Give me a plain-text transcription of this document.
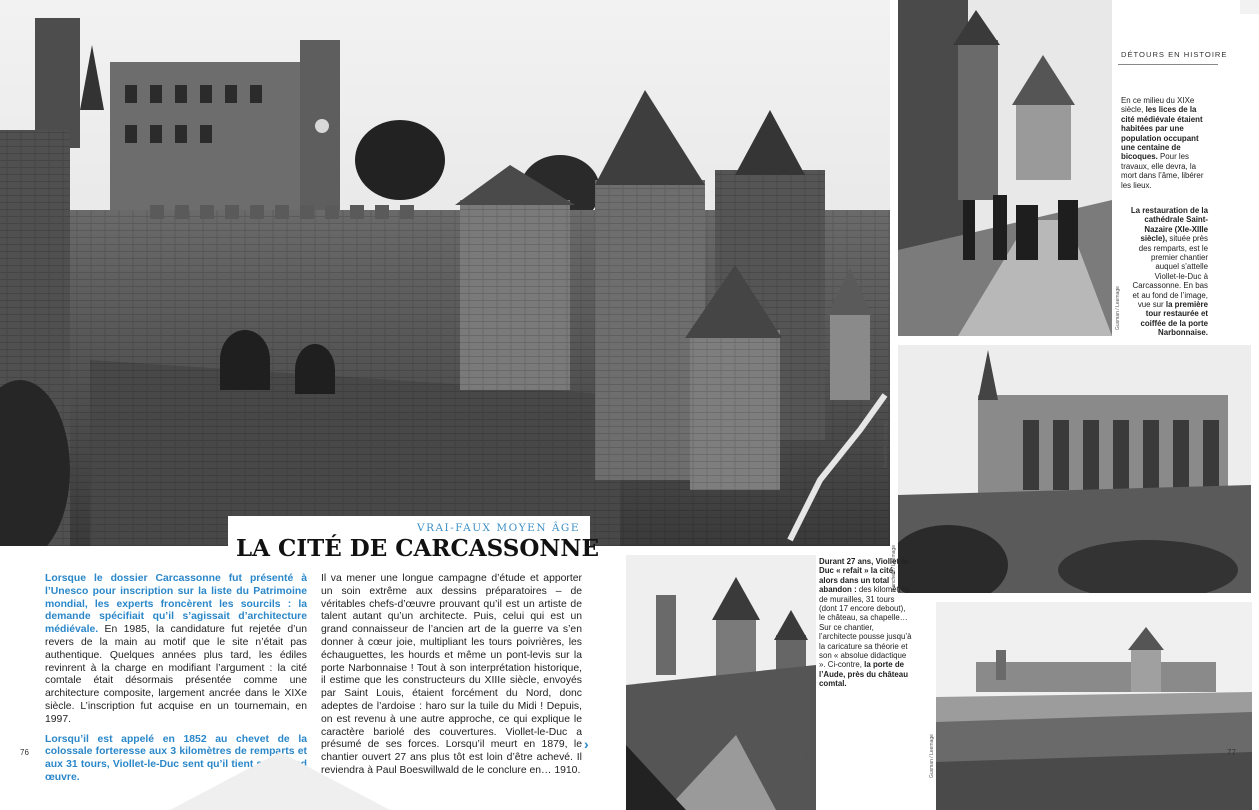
Bianchetti / Leemage
VRAI-FAUX MOYEN ÂGE
LA CITÉ DE CARCASSONNE

Lorsque le dossier Carcassonne fut présenté à l’Unesco pour inscription sur la liste du Patrimoine mondial, les experts froncèrent les sourcils : la demande spécifiait qu’il s’agissait d’architecture médiévale. En 1985, la candidature fut rejetée d’un revers de la main au motif que le site n’était pas authentique. Quelques années plus tard, les édiles revinrent à la charge en modifiant l’argument : la cité comtale était désormais présentée comme une architecture composite, largement ancrée dans le XIXe siècle. L’inscription fut acquise en un tournemain, en 1997.

Lorsqu’il est appelé en 1852 au chevet de la colossale forteresse aux 3 kilomètres de remparts et aux 31 tours, Viollet-le-Duc sent qu’il tient son grand œuvre.

Il va mener une longue campagne d’étude et apporter un soin extrême aux dessins préparatoires – de véritables chefs-d’œuvre prouvant qu’il est un artiste de talent autant qu’un architecte. Puis, celui qui est un grand connaisseur de l’ancien art de la guerre va s’en donner à cœur joie, multipliant les tours poivrières, les échauguettes, les hourds et même un pont-levis sur la porte Narbonnaise ! Tout à son interprétation historique, il estime que les constructeurs du XIIIe siècle, envoyés par Saint Louis, étaient forcément du Nord, donc adeptes de l’ardoise : haro sur la tuile du Midi ! Depuis, on est revenu à une autre approche, ce qui explique le caractère bariolé des couvertures. Viollet-le-Duc a présumé de ses forces. Lorsqu’il meurt en 1879, le chantier ouvert 27 ans plus tôt est loin d’être achevé. Il reviendra à Paul Boeswillwald de le conclure en… 1910.

›
76
DÉTOURS EN HISTOIRE
Gusman / Leemage
En ce milieu du XIXe siècle, les lices de la cité médiévale étaient habitées par une population occupant une centaine de bicoques. Pour les travaux, elle devra, la mort dans l’âme, libérer les lieux.
La restauration de la cathédrale Saint-Nazaire (XIe-XIIIe siècle), située près des remparts, est le premier chantier auquel s’attelle Viollet-le-Duc à Carcassonne. En bas et au fond de l’image, vue sur la première tour restaurée et coiffée de la porte Narbonnaise.
Bianchetti / Leemage
Bianchetti / Leemage
Durant 27 ans, Viollet-le-Duc « refait » la cité, alors dans un total abandon : des kilomètres de murailles, 31 tours (dont 17 encore debout), le château, sa chapelle… Sur ce chantier, l’architecte pousse jusqu’à la caricature sa théorie et son « absolue didactique ». Ci-contre, la porte de l’Aude, près du château comtal.
Gusman / Leemage	77
